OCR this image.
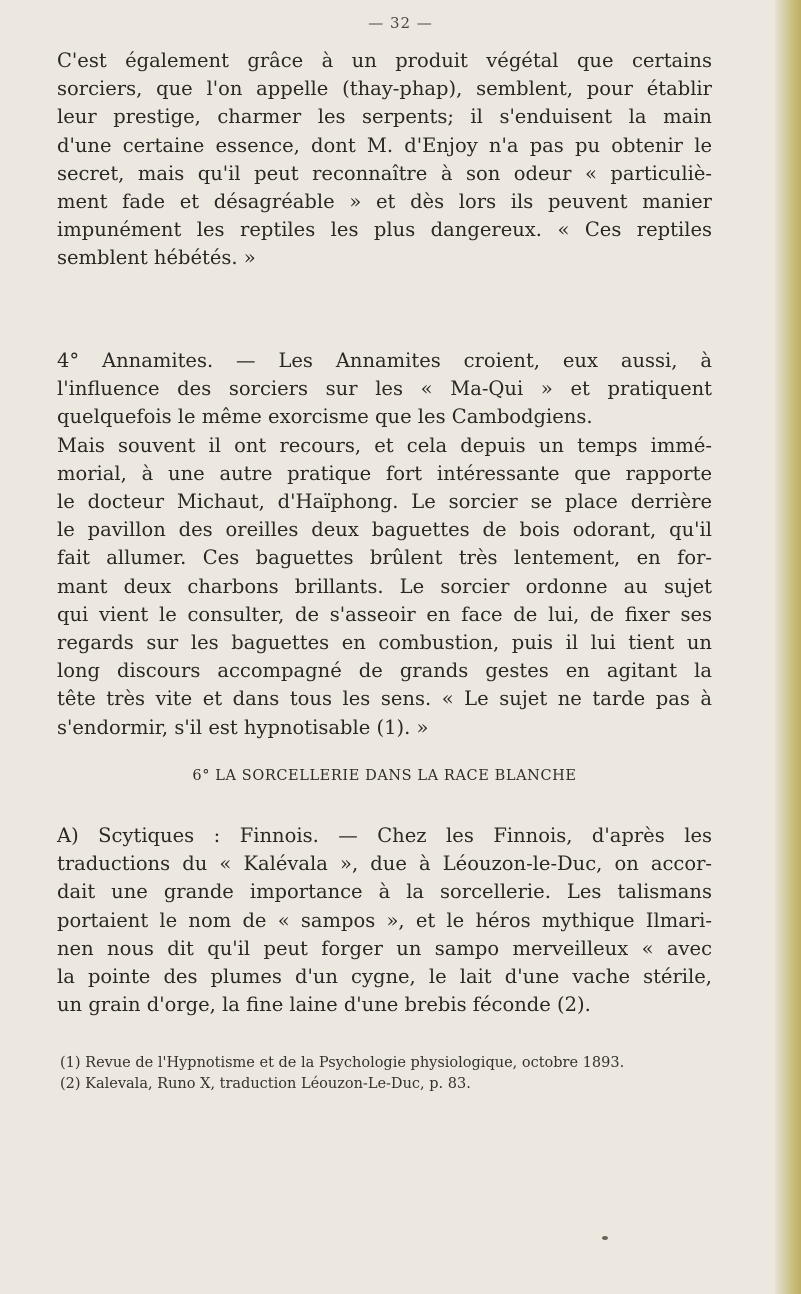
— 32 —
C'est également grâce à un produit végétal que certains
sorciers, que l'on appelle (thay-phap), semblent, pour établir
leur prestige, charmer les serpents; il s'enduisent la main
d'une certaine essence, dont M. d'Enjoy n'a pas pu obtenir le
secret, mais qu'il peut reconnaître à son odeur « particuliè-
ment fade et désagréable » et dès lors ils peuvent manier
impunément les reptiles les plus dangereux. « Ces reptiles
semblent hébétés. »
4° Annamites. — Les Annamites croient, eux aussi, à
l'influence des sorciers sur les « Ma-Qui » et pratiquent
quelquefois le même exorcisme que les Cambodgiens.
Mais souvent il ont recours, et cela depuis un temps immé-
morial, à une autre pratique fort intéressante que rapporte
le docteur Michaut, d'Haïphong. Le sorcier se place derrière
le pavillon des oreilles deux baguettes de bois odorant, qu'il
fait allumer. Ces baguettes brûlent très lentement, en for-
mant deux charbons brillants. Le sorcier ordonne au sujet
qui vient le consulter, de s'asseoir en face de lui, de fixer ses
regards sur les baguettes en combustion, puis il lui tient un
long discours accompagné de grands gestes en agitant la
tête très vite et dans tous les sens. « Le sujet ne tarde pas à
s'endormir, s'il est hypnotisable (1). »
6° LA SORCELLERIE DANS LA RACE BLANCHE
A) Scytiques : Finnois. — Chez les Finnois, d'après les
traductions du « Kalévala », due à Léouzon-le-Duc, on accor-
dait une grande importance à la sorcellerie. Les talismans
portaient le nom de « sampos », et le héros mythique Ilmari-
nen nous dit qu'il peut forger un sampo merveilleux « avec
la pointe des plumes d'un cygne, le lait d'une vache stérile,
un grain d'orge, la fine laine d'une brebis féconde (2).
(1) Revue de l'Hypnotisme et de la Psychologie physiologique, octobre 1893.
(2) Kalevala, Runo X, traduction Léouzon-Le-Duc, p. 83.
